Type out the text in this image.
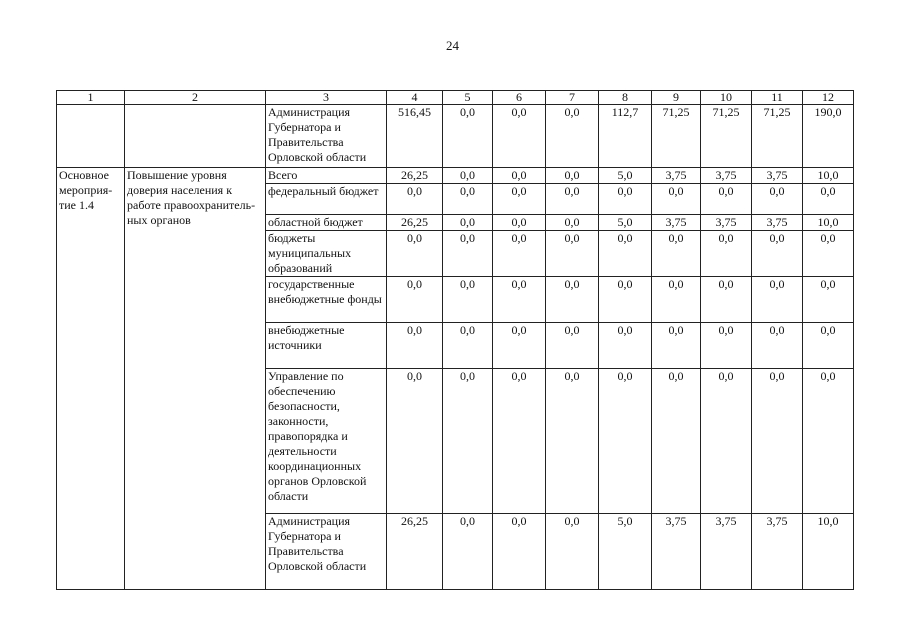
24
1	2	3	4	5	6	7	8	9	10	11	12
		Администрация Губернатора и Правительства Орловской области	516,45	0,0	0,0	0,0	112,7	71,25	71,25	71,25	190,0
Основное мероприя-тие 1.4	Повышение уровня доверия населения к работе правоохранитель-ных органов	Всего	26,25	0,0	0,0	0,0	5,0	3,75	3,75	3,75	10,0
		федеральный бюджет	0,0	0,0	0,0	0,0	0,0	0,0	0,0	0,0	0,0
		областной бюджет	26,25	0,0	0,0	0,0	5,0	3,75	3,75	3,75	10,0
		бюджеты муниципальных образований	0,0	0,0	0,0	0,0	0,0	0,0	0,0	0,0	0,0
		государственные внебюджетные фонды	0,0	0,0	0,0	0,0	0,0	0,0	0,0	0,0	0,0
		внебюджетные источники	0,0	0,0	0,0	0,0	0,0	0,0	0,0	0,0	0,0
		Управление по обеспечению безопасности, законности, правопорядка и деятельности координационных органов Орловской области	0,0	0,0	0,0	0,0	0,0	0,0	0,0	0,0	0,0
		Администрация Губернатора и Правительства Орловской области	26,25	0,0	0,0	0,0	5,0	3,75	3,75	3,75	10,0
